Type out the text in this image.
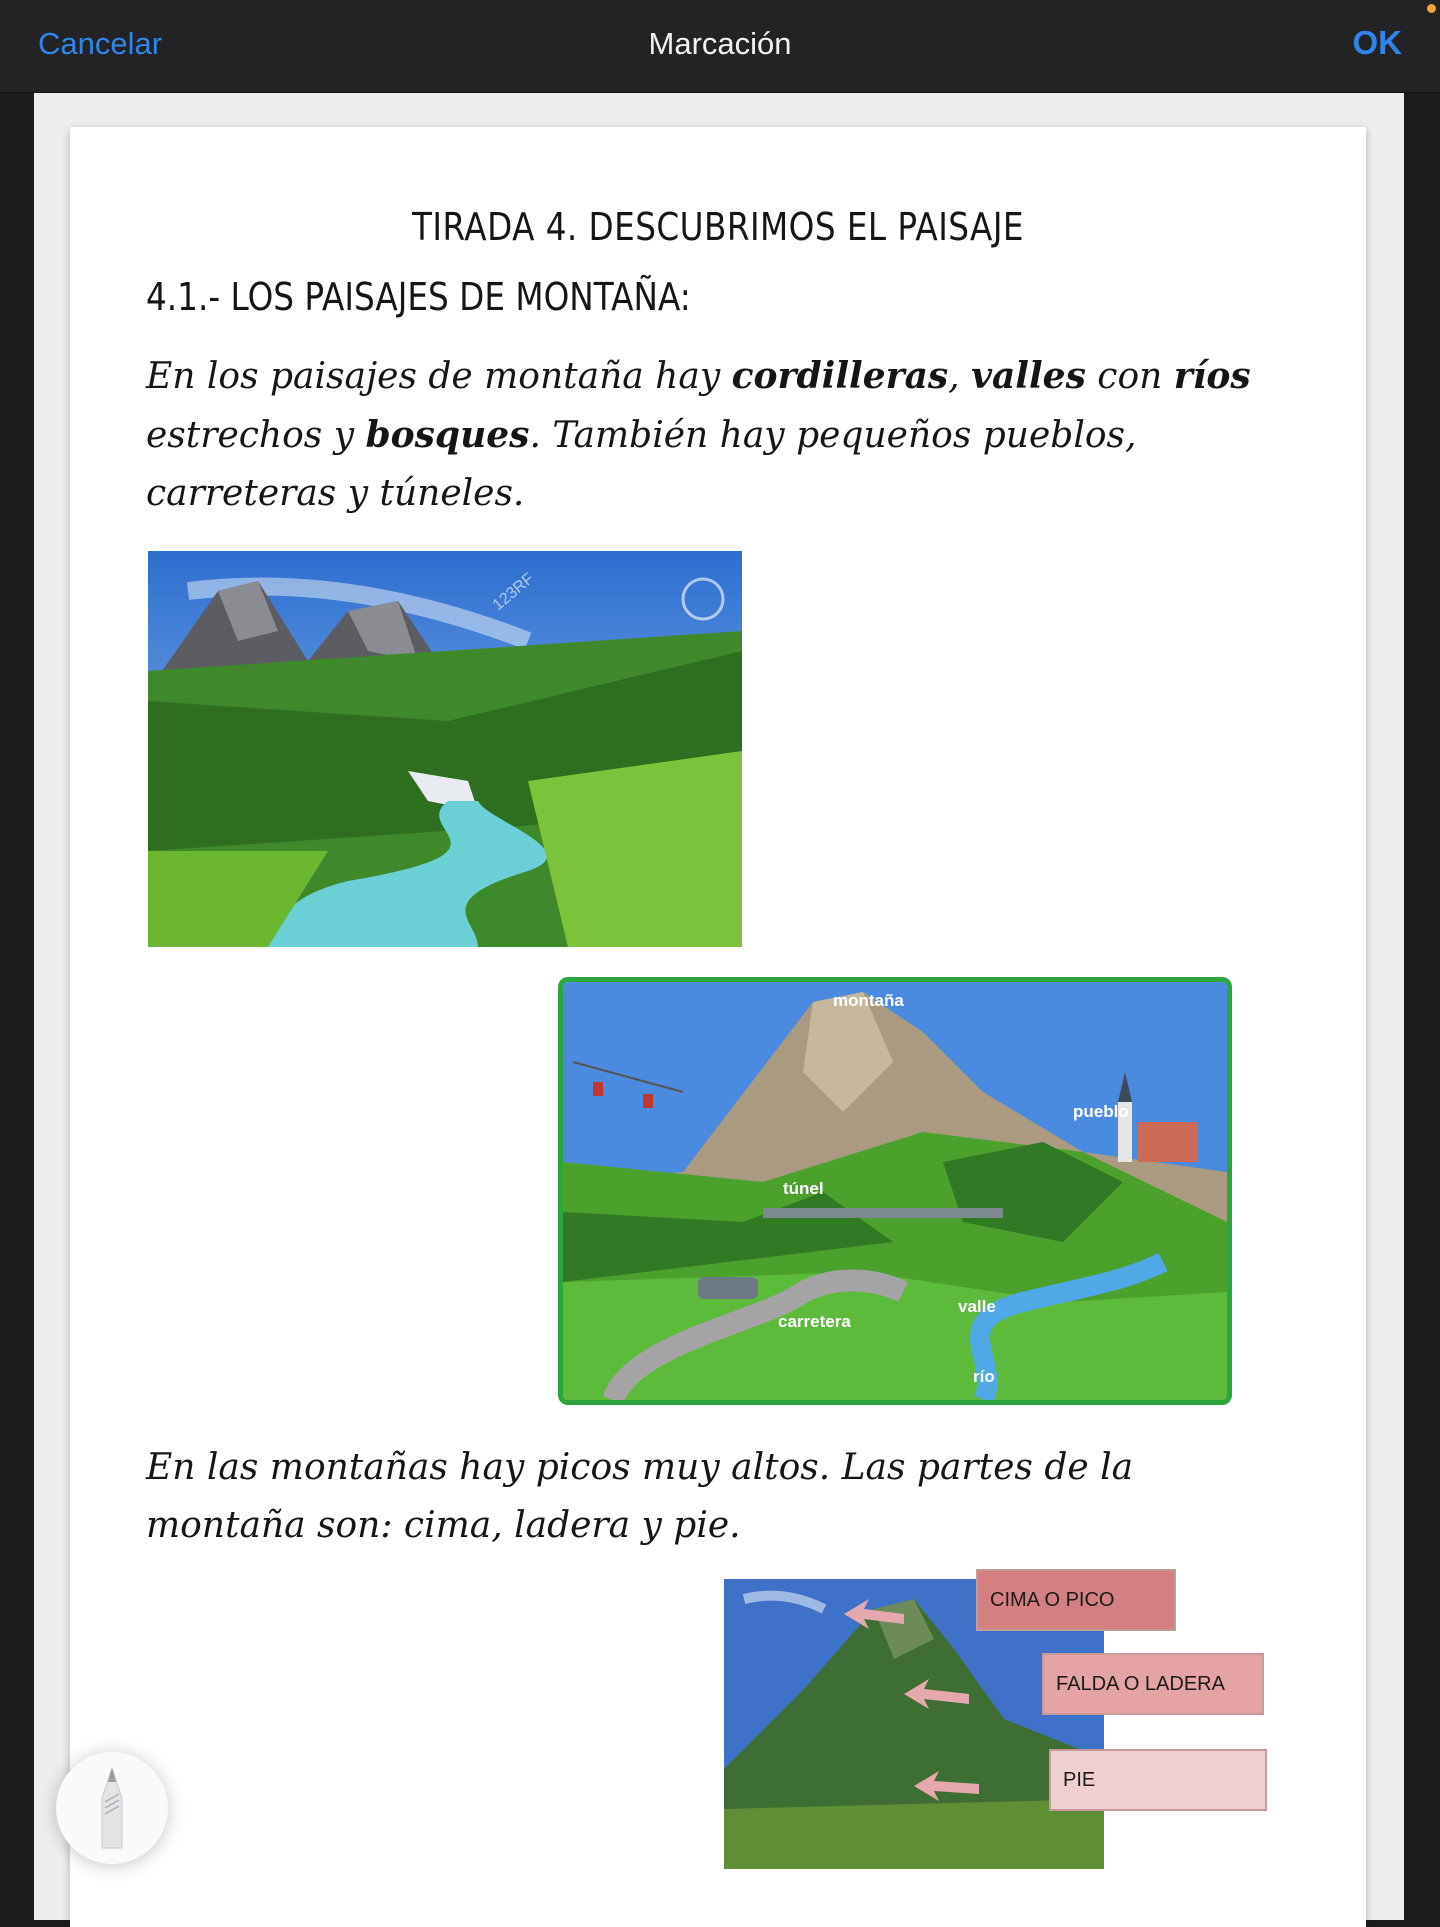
Cancelar	Marcación	OK
TIRADA 4. DESCUBRIMOS EL PAISAJE
4.1.- LOS PAISAJES DE MONTAÑA:
En los paisajes de montaña hay cordilleras, valles con ríos estrechos y bosques. También hay pequeños pueblos, carreteras y túneles.
123RF
montaña
pueblo
túnel
valle
carretera
río
En las montañas hay picos muy altos. Las partes de la montaña son: cima, ladera y pie.
CIMA O PICO
FALDA O LADERA
PIE
